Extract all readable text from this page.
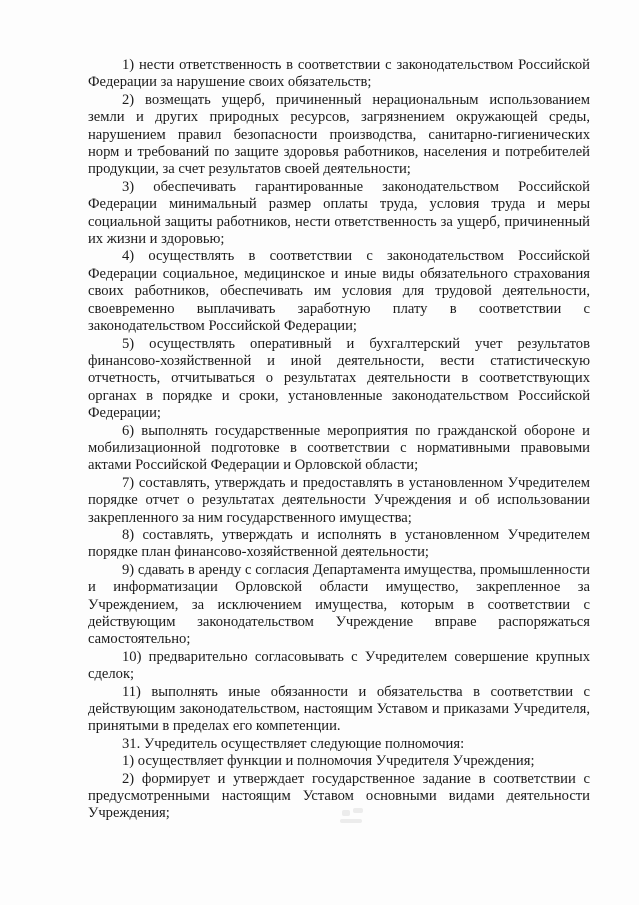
1) нести ответственность в соответствии с законодательством Российской Федерации за нарушение своих обязательств;

2) возмещать ущерб, причиненный нерациональным использованием земли и других природных ресурсов, загрязнением окружающей среды, нарушением правил безопасности производства, санитарно-гигиенических норм и требований по защите здоровья работников, населения и потребителей продукции, за счет результатов своей деятельности;

3) обеспечивать гарантированные законодательством Российской Федерации минимальный размер оплаты труда, условия труда и меры социальной защиты работников, нести ответственность за ущерб, причиненный их жизни и здоровью;

4) осуществлять в соответствии с законодательством Российской Федерации социальное, медицинское и иные виды обязательного страхования своих работников, обеспечивать им условия для трудовой деятельности, своевременно выплачивать заработную плату в соответствии с законодательством Российской Федерации;

5) осуществлять оперативный и бухгалтерский учет результатов финансово-хозяйственной и иной деятельности, вести статистическую отчетность, отчитываться о результатах деятельности в соответствующих органах в порядке и сроки, установленные законодательством Российской Федерации;

6) выполнять государственные мероприятия по гражданской обороне и мобилизационной подготовке в соответствии с нормативными правовыми актами Российской Федерации и Орловской области;

7) составлять, утверждать и предоставлять в установленном Учредителем порядке отчет о результатах деятельности Учреждения и об использовании закрепленного за ним государственного имущества;

8) составлять, утверждать и исполнять в установленном Учредителем порядке план финансово-хозяйственной деятельности;

9) сдавать в аренду с согласия Департамента имущества, промышленности и информатизации Орловской области имущество, закрепленное за Учреждением, за исключением имущества, которым в соответствии с действующим законодательством Учреждение вправе распоряжаться самостоятельно;

10) предварительно согласовывать с Учредителем совершение крупных сделок;

11) выполнять иные обязанности и обязательства в соответствии с действующим законодательством, настоящим Уставом и приказами Учредителя, принятыми в пределах его компетенции.

31. Учредитель осуществляет следующие полномочия:

1) осуществляет функции и полномочия Учредителя Учреждения;

2) формирует и утверждает государственное задание в соответствии с предусмотренными настоящим Уставом основными видами деятельности Учреждения;
